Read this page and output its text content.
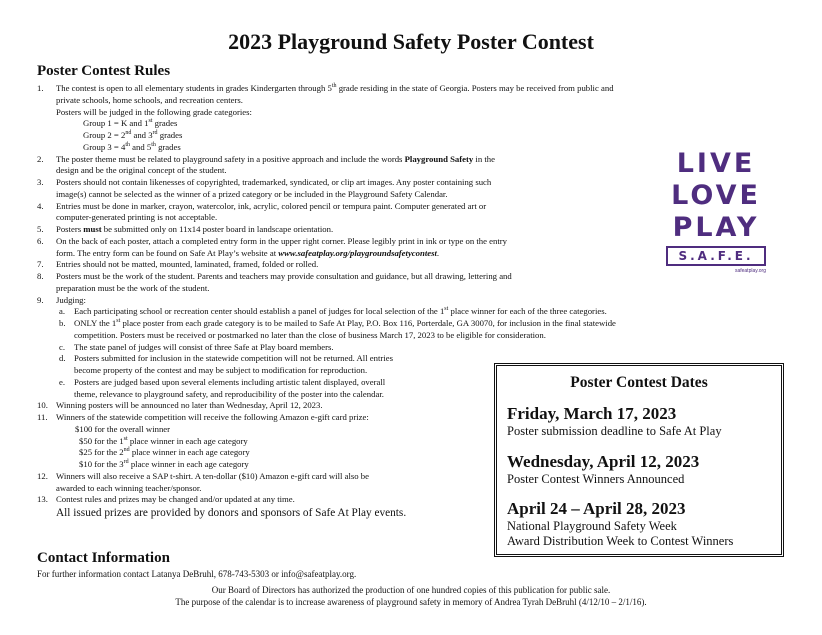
2023 Playground Safety Poster Contest
Poster Contest Rules
1. The contest is open to all elementary students in grades Kindergarten through 5th grade residing in the state of Georgia. Posters may be received from public and
private schools, home schools, and recreation centers.
Posters will be judged in the following grade categories:
Group 1 = K and 1st grades
Group 2 = 2nd and 3rd grades
Group 3 = 4th and 5th grades
2. The poster theme must be related to playground safety in a positive approach and include the words Playground Safety in the
design and be the original concept of the student.
3. Posters should not contain likenesses of copyrighted, trademarked, syndicated, or clip art images. Any poster containing such
image(s) cannot be selected as the winner of a prized category or be included in the Playground Safety Calendar.
4. Entries must be done in marker, crayon, watercolor, ink, acrylic, colored pencil or tempura paint. Computer generated art or
computer-generated printing is not acceptable.
5. Posters must be submitted only on 11x14 poster board in landscape orientation.
6. On the back of each poster, attach a completed entry form in the upper right corner. Please legibly print in ink or type on the entry
form. The entry form can be found on Safe At Play’s website at www.safeatplay.org/playgroundsafetycontest.
7. Entries should not be matted, mounted, laminated, framed, folded or rolled.
8. Posters must be the work of the student. Parents and teachers may provide consultation and guidance, but all drawing, lettering and
preparation must be the work of the student.
9. Judging:
a. Each participating school or recreation center should establish a panel of judges for local selection of the 1st place winner for each of the three categories.
b. ONLY the 1st place poster from each grade category is to be mailed to Safe At Play, P.O. Box 116, Porterdale, GA 30070, for inclusion in the final statewide
competition. Posters must be received or postmarked no later than the close of business March 17, 2023 to be eligible for consideration.
c. The state panel of judges will consist of three Safe at Play board members.
d. Posters submitted for inclusion in the statewide competition will not be returned. All entries
become property of the contest and may be subject to modification for reproduction.
e. Posters are judged based upon several elements including artistic talent displayed, overall
theme, relevance to playground safety, and reproducibility of the poster into the calendar.
10. Winning posters will be announced no later than Wednesday, April 12, 2023.
11. Winners of the statewide competition will receive the following Amazon e-gift card prize:
$100 for the overall winner
$50 for the 1st place winner in each age category
$25 for the 2nd place winner in each age category
$10 for the 3rd place winner in each age category
12. Winners will also receive a SAP t-shirt. A ten-dollar ($10) Amazon e-gift card will also be
awarded to each winning teacher/sponsor.
13. Contest rules and prizes may be changed and/or updated at any time.
All issued prizes are provided by donors and sponsors of Safe At Play events.
LIVE
LOVE
PLAY
S.A.F.E.
safeatplay.org
Poster Contest Dates
Friday, March 17, 2023
Poster submission deadline to Safe At Play
Wednesday, April 12, 2023
Poster Contest Winners Announced
April 24 – April 28, 2023
National Playground Safety Week
Award Distribution Week to Contest Winners
Contact Information
For further information contact Latanya DeBruhl, 678-743-5303 or info@safeatplay.org.
Our Board of Directors has authorized the production of one hundred copies of this publication for public sale.
The purpose of the calendar is to increase awareness of playground safety in memory of Andrea Tyrah DeBruhl (4/12/10 – 2/1/16).
